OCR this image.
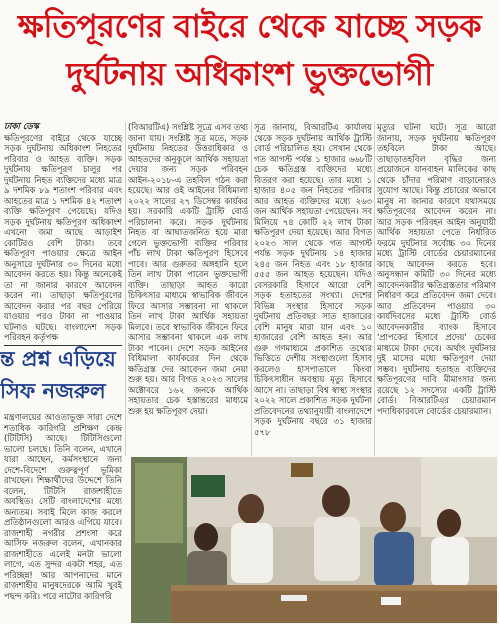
ক্ষতিপূরণের বাইরে থেকে যাচ্ছে সড়ক
দুর্ঘটনায় অধিকাংশ ভুক্তভোগী
ঢাকা ডেস্ক
ক্ষতিপূরণের বাইরে থেকে যাচ্ছে সড়ক দুর্ঘটনায় অধিকাংশ নিহতের পরিবার ও আহত ব্যক্তি। সড়ক দুর্ঘটনায় ক্ষতিপূরণ চালুর পর দুর্ঘটনায় নিহত ব্যক্তিদের মধ্যে মাত্র ৯ দশমিক ৮৯ শতাংশ পরিবার এবং আহতের মাত্র ১ দশমিক ৪২ শতাংশ ব্যক্তি ক্ষতিপূরণ পেয়েছে। যদিও সড়ক দুর্ঘটনায় ক্ষতিপূরণ অধিকাংশ এখনো জমা আছে আড়াইশ কোটিরও বেশি টাকা। তবে ক্ষতিপূরণ পাওয়ার ক্ষেত্রে আইন অনুসারে দুর্ঘটনার ৩০ দিনের মধ্যে আবেদন করতে হয়। কিন্তু অনেকেই তা না জানার কারণে আবেদন করেন না। তাছাড়া ক্ষতিপূরণের আবেদন করার পর বছর পেরিয়ে যাওয়ার পরও টাকা না পাওয়ার ঘটনাও ঘটছে। বাংলাদেশ সড়ক পরিবহন কর্তৃপক্ষ
(বিআরটিএ) সংশ্লিষ্ট সূত্রে এসব তথ্য জানা যায়। সংশ্লিষ্ট সূত্র মতে, সড়ক দুর্ঘটনায় নিহতের উত্তরাধিকার ও আহতদের অনুকূলে আর্থিক সহায়তা দেয়ার জন্য সড়ক পরিবহন আইন-২০১৮-এ তহবিল গঠন করা হয়েছে। আর ওই আইনের বিধিমালা ২০২২ সালের ২৭ ডিসেম্বর কার্যকর হয়। সরকারি একটি ট্রাস্টি বোর্ড পরিচালনা করে। সড়ক দুর্ঘটনায় নিহত বা আঘাতজনিত হয়ে মারা গেলে ভুক্তভোগী ব্যক্তির পরিবার পাঁচ লাখ টাকা ক্ষতিপূরণ হিসেবে পাবে। আর গুরুতর অঙ্গহানি হলে তিন লাখ টাকা পাবেন ভুক্তভোগী ব্যক্তি। তাছাড়া আহত কারো চিকিৎসার মাধ্যমে স্বাভাবিক জীবনে ফিরে আসার সম্ভাবনা না থাকলে তিন লাখ টাকা আর্থিক সহায়তা মিলবে। তবে স্বাভাবিক জীবনে ফিরে আসার সম্ভাবনা থাকলে এক লাখ টাকা পাবেন। দেশে সড়ক আইনের বিধিমালা কার্যকরের দিন থেকে ক্ষতিগ্রস্ত দের আবেদন জমা নেয়া শুরু হয়। আর বিগত ২০২৩ সালের অক্টোবরে ১৬২ জনকে আর্থিক সহায়তার চেক হস্তান্তরের মাধ্যমে শুরু হয় ক্ষতিপূরণ দেয়া।
সূত্র জানায়, বিআরটিএ কার্যালয় থেকে সড়ক দুর্ঘটনায় আর্থিক ট্রাস্টি বোর্ড পরিচালিত হয়। সেখান থেকে গত আগস্ট পর্যন্ত ১ হাজার ৬৬৮টি চেক ক্ষতিগ্রস্ত ব্যক্তিদের মধ্যে বিতরণ করা হয়েছে। তার মধ্যে ১ হাজার ৪০৫ জন নিহতের পরিবার আর আহত ব্যক্তিদের মধ্যে ২৬৩ জন আর্থিক সহায়তা পেয়েছেন। সব মিলিয়ে ৭৪ কোটি ২২ লাখ টাকা ক্ষতিপূরণ দেয়া হয়েছে। আর বিগত ২০২৩ সাল থেকে গত আগস্ট পর্যন্ত সড়ক দুর্ঘটনায় ১৪ হাজার ২৪৫ জন নিহত এবং ১৮ হাজার ৫৫৫ জন আহত হয়েছেন। যদিও বেসরকারি হিসাবে আরো বেশি সড়ক হতাহতের সংখ্যা। দেশের বিভিন্ন সংস্থার হিসাবে সড়ক দুর্ঘটনায় প্রতিবছর সাত হাজারের বেশি মানুষ মারা যান এবং ১০ হাজারের বেশি আহত হন। আর গুরু গণমাধ্যমে প্রকাশিত তথ্যের ভিত্তিতে দেশীয় সংস্থাগুলো হিসাব করলেও হাসপাতালে কিংবা চিকিৎসাধীন অবস্থায় মৃত্যু হিসাবে আসে না। তাছাড়া বিশ্ব স্বাস্থ্য সংস্থার ২০২২ সালে প্রকাশিত সড়ক দুর্ঘটনা প্রতিবেদনের তথ্যানুযায়ী বাংলাদেশে সড়ক দুর্ঘটনায় বছরে ৩১ হাজার ৫৭৮
মৃত্যুর ঘটনা ঘটে। সূত্র আরো জানায়, সড়ক দুর্ঘটনায় ক্ষতিপূরণ তহবিলে টাকা আছে। তাছাড়াতহবিল বৃদ্ধির জন্য প্রয়োজনে যানবাহন মালিকের কাছ থেকে চাঁদার পরিমাণ বাড়ানোরও সুযোগ আছে। কিন্তু প্রচারের অভাবে মানুষ না জানার কারণে যথাসময়ে ক্ষতিপূরণের আবেদন করেন না। আর সড়ক পরিবহন আইন অনুযায়ী আর্থিক সহায়তা পেতে নির্ধারিত ফরমে দুর্ঘটনার সর্বোচ্চ ৩০ দিনের মধ্যে ট্রাস্টি বোর্ডের চেয়ারম্যানের কাছে আবেদন করতে হবে। অনুসন্ধান কমিটি ৩০ দিনের মধ্যে আবেদনকারীর ক্ষতিগ্রস্ততার পরিমাণ নির্ধারণ করে প্রতিবেদন জমা দেবে। আর প্রতিবেদন পাওয়ার ৩০ কার্যদিবসের মধ্যে ট্রাস্টি বোর্ড আবেদনকারীর ব্যাংক হিসাবে 'প্রাপকের হিসাবে প্রদেয়' চেকের মাধ্যমে টাকা দেবে। অর্থাৎ দুর্ঘটনার দুই মাসের মধ্যে ক্ষতিপূরণ দেয়া সম্ভব। দুর্ঘটনায় হতাহত ব্যক্তিদের ক্ষতিপূরণের দাবি মীমাংসার জন্য রয়েছে ১২ সদস্যের একটি ট্রাস্টি বোর্ড। বিআরটিএর চেয়ারম্যান পদাধিকারবলে বোর্ডের চেয়ারম্যান।
ন্ত প্রশ্ন এড়িয়ে
সিফ নজরুল
মন্ত্রণালয়ের আওতাভুক্ত সারা দেশে শতাধিক কারিগরি প্রশিক্ষণ কেন্দ্র (টিটিসি) আছে। টিটিসিগুলো ভালো চলছে। তিনি বলেন, এখানে যারা আছেন, কর্মসংস্থানে জন্য দেশে-বিদেশে গুরুত্বপূর্ণ ভূমিকা রাখছেন। শিক্ষার্থীদের উদ্দেশে তিনি বলেন, টিটিসি রাজশাহীতে অবস্থিত। সেটি বাংলাদেশের মধ্যে অন্যতম। সবাই মিলে কাজ করলে প্রতিষ্ঠানগুলো আরও এগিয়ে যাবে। রাজশাহী নগরীর প্রশংসা করে আসিফ নজরুল বলেন, এখানকার রাজশাহীতে এলেই মনটা ভালো লাগে, এত সুন্দর একটা শহর, এত পরিচ্ছন্ন! আর আপনাদের মানে রাজশাহীর মানুষদেরকে আমি খুবই পছন্দ করি। পরে নাটোর কারিগরি
